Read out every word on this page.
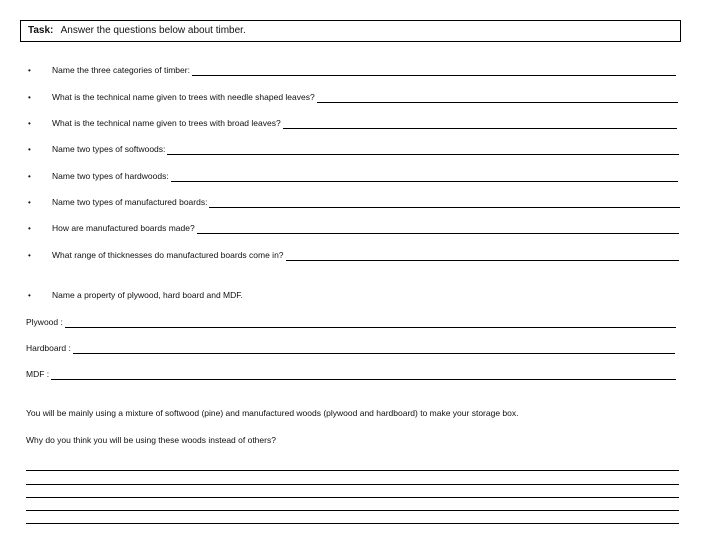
Task: Answer the questions below about timber.
•	Name the three categories of timber:
•	What is the technical name given to trees with needle shaped leaves?
•	What is the technical name given to trees with broad leaves?
•	Name two types of softwoods:
•	Name two types of hardwoods:
•	Name two types of manufactured boards:
•	How are manufactured boards made?
•	What range of thicknesses do manufactured boards come in?
•	Name a property of plywood, hard board and MDF.
Plywood :
Hardboard :
MDF :
You will be mainly using a mixture of softwood (pine) and manufactured woods (plywood and hardboard) to make your storage box.
Why do you think you will be using these woods instead of others?
